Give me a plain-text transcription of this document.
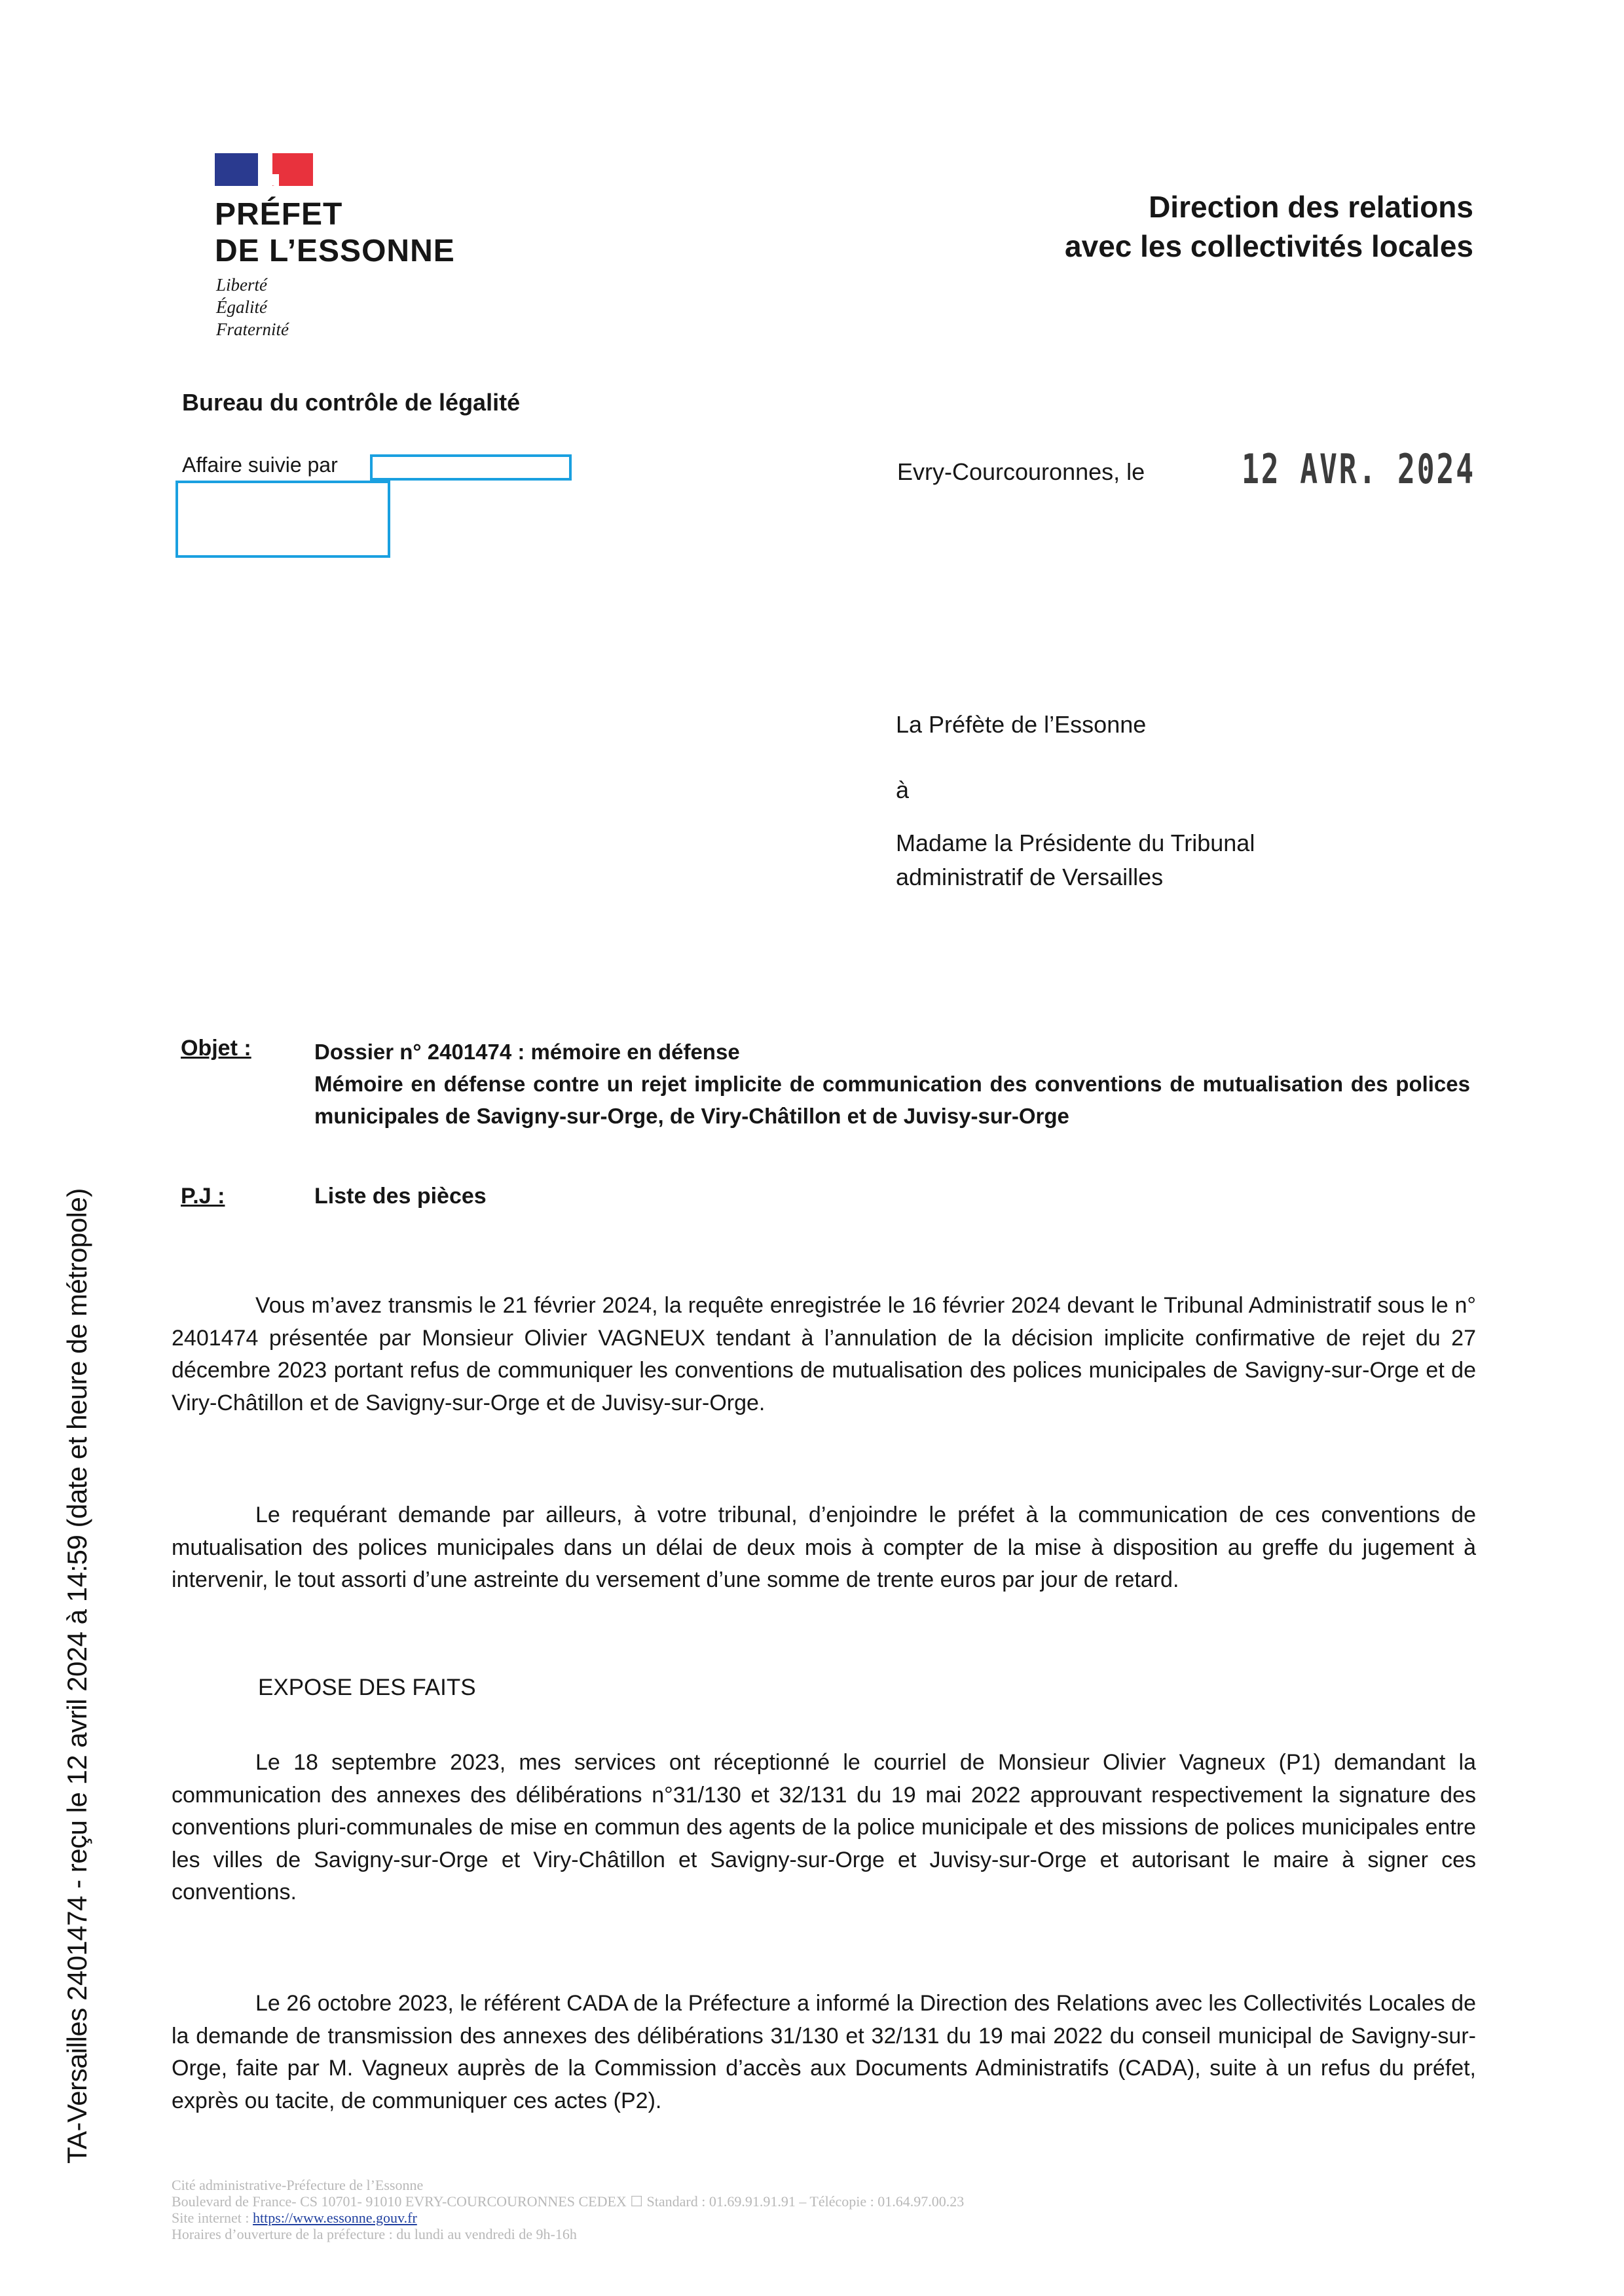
PRÉFET
DE L’ESSONNE
Liberté
Égalité
Fraternité
Direction des relations
avec les collectivités locales
Bureau du contrôle de légalité
Affaire suivie par	Evry-Courcouronnes, le 12 AVR. 2024
La Préfète de l’Essonne
à
Madame la Présidente du Tribunal
administratif de Versailles
Objet :	Dossier n° 2401474 : mémoire en défense
Mémoire en défense contre un rejet implicite de communication des conventions de mutualisation des polices municipales de Savigny-sur-Orge, de Viry-Châtillon et de Juvisy-sur-Orge
P.J :	Liste des pièces
Vous m’avez transmis le 21 février 2024, la requête enregistrée le 16 février 2024 devant le Tribunal Administratif sous le n° 2401474 présentée par Monsieur Olivier VAGNEUX tendant à l’annulation de la décision implicite confirmative de rejet du 27 décembre 2023 portant refus de communiquer les conventions de mutualisation des polices municipales de Savigny-sur-Orge et de Viry-Châtillon et de Savigny-sur-Orge et de Juvisy-sur-Orge.
Le requérant demande par ailleurs, à votre tribunal, d’enjoindre le préfet à la communication de ces conventions de mutualisation des polices municipales dans un délai de deux mois à compter de la mise à disposition au greffe du jugement à intervenir, le tout assorti d’une astreinte du versement d’une somme de trente euros par jour de retard.
EXPOSE DES FAITS
Le 18 septembre 2023, mes services ont réceptionné le courriel de Monsieur Olivier Vagneux (P1) demandant la communication des annexes des délibérations n°31/130 et 32/131 du 19 mai 2022 approuvant respectivement la signature des conventions pluri-communales de mise en commun des agents de la police municipale et des missions de polices municipales entre les villes de Savigny-sur-Orge et Viry-Châtillon et Savigny-sur-Orge et Juvisy-sur-Orge et autorisant le maire à signer ces conventions.
Le 26 octobre 2023, le référent CADA de la Préfecture a informé la Direction des Relations avec les Collectivités Locales de la demande de transmission des annexes des délibérations 31/130 et 32/131 du 19 mai 2022 du conseil municipal de Savigny-sur-Orge, faite par M. Vagneux auprès de la Commission d’accès aux Documents Administratifs (CADA), suite à un refus du préfet, exprès ou tacite, de communiquer ces actes (P2).
Cité administrative-Préfecture de l’Essonne
Boulevard de France- CS 10701- 91010 EVRY-COURCOURONNES CEDEX ☐ Standard : 01.69.91.91.91 – Télécopie : 01.64.97.00.23
Site internet : https://www.essonne.gouv.fr
Horaires d’ouverture de la préfecture : du lundi au vendredi de 9h-16h
TA-Versailles 2401474 - reçu le 12 avril 2024 à 14:59 (date et heure de métropole)
